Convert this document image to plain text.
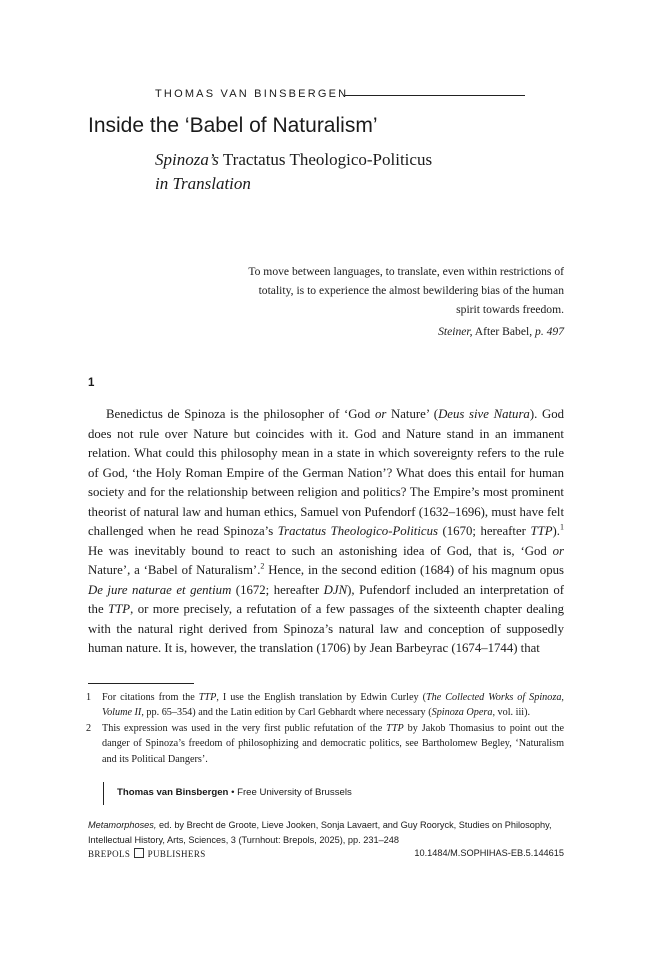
THOMAS VAN BINSBERGEN
Inside the ‘Babel of Naturalism’
Spinoza’s Tractatus Theologico-Politicus
in Translation
To move between languages, to translate, even within restrictions of totality, is to experience the almost bewildering bias of the human spirit towards freedom.
Steiner, After Babel, p. 497
1

Benedictus de Spinoza is the philosopher of ‘God or Nature’ (Deus sive Natura). God does not rule over Nature but coincides with it. God and Nature stand in an immanent relation. What could this philosophy mean in a state in which sovereignty refers to the rule of God, ‘the Holy Roman Empire of the German Nation’? What does this entail for human society and for the relationship between religion and politics? The Empire’s most prominent theorist of natural law and human ethics, Samuel von Pufendorf (1632–1696), must have felt challenged when he read Spinoza’s Tractatus Theologico-Politicus (1670; hereafter TTP).$^1$ He was inevitably bound to react to such an astonishing idea of God, that is, ‘God or Nature’, a ‘Babel of Naturalism’.$^2$ Hence, in the second edition (1684) of his magnum opus De jure naturae et gentium (1672; hereafter DJN), Pufendorf included an interpretation of the TTP, or more precisely, a refutation of a few passages of the sixteenth chapter dealing with the natural right derived from Spinoza’s natural law and conception of supposedly human nature. It is, however, the translation (1706) by Jean Barbeyrac (1674–1744) that

1 For citations from the TTP, I use the English translation by Edwin Curley (The Collected Works of Spinoza, Volume II, pp. 65–354) and the Latin edition by Carl Gebhardt where necessary (Spinoza Opera, vol. iii).
2 This expression was used in the very first public refutation of the TTP by Jakob Thomasius to point out the danger of Spinoza’s freedom of philosophizing and democratic politics, see Bartholomew Begley, ‘Naturalism and its Political Dangers’.
Thomas van Binsbergen • Free University of Brussels
Metamorphoses, ed. by Brecht de Groote, Lieve Jooken, Sonja Lavaert, and Guy Rooryck, Studies on Philosophy, Intellectual History, Arts, Sciences, 3 (Turnhout: Brepols, 2025), pp. 231–248
BREPOLS PUBLISHERS	10.1484/M.SOPHIHAS-EB.5.144615
